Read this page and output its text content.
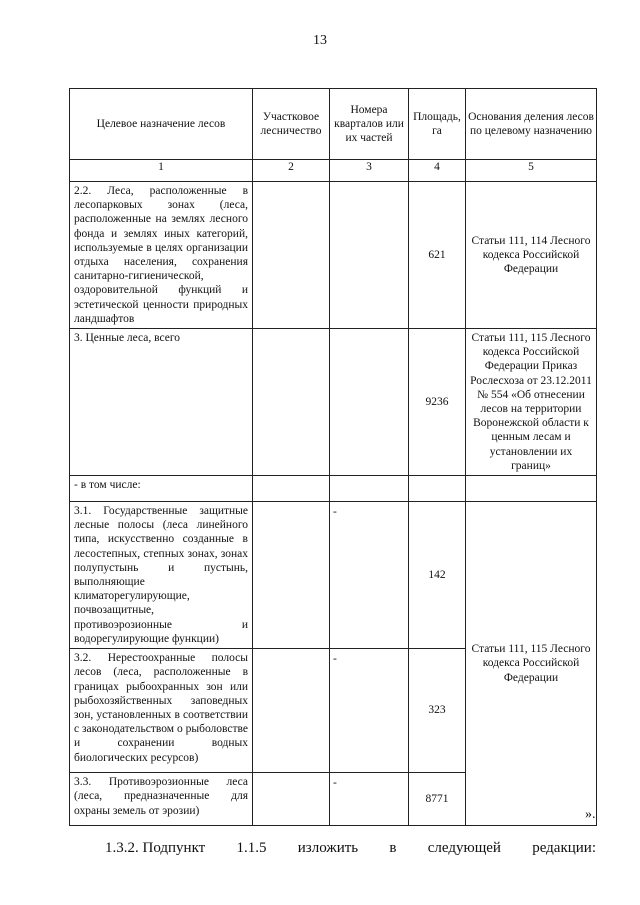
13
Целевое назначение лесов	Участковое лесничество	Номера кварталов или их частей	Площадь, га	Основания деления лесов по целевому назначению
1	2	3	4	5
2.2. Леса, расположенные в лесопарковых зонах (леса, расположенные на землях лесного фонда и землях иных категорий, используемые в целях организации отдыха населения, сохранения санитарно-гигиенической, оздоровительной функций и эстетической ценности природных ландшафтов			621	Статьи 111, 114 Лесного кодекса Российской Федерации
3. Ценные леса, всего			9236	Статьи 111, 115 Лесного кодекса Российской Федерации Приказ Рослесхоза от 23.12.2011 № 554 «Об отнесении лесов на территории Воронежской области к ценным лесам и установлении их границ»
- в том числе:				
3.1. Государственные защитные лесные полосы (леса линейного типа, искусственно созданные в лесостепных, степных зонах, зонах полупустынь и пустынь, выполняющие климаторегулирующие, почвозащитные, противоэрозионные и водорегулирующие функции)		-	142	Статьи 111, 115 Лесного кодекса Российской Федерации
3.2. Нерестоохранные полосы лесов (леса, расположенные в границах рыбоохранных зон или рыбохозяйственных заповедных зон, установленных в соответствии с законодательством о рыболовстве и сохранении водных биологических ресурсов)		-	323	
3.3. Противоэрозионные леса (леса, предназначенные для охраны земель от эрозии)		-	8771	
».
1.3.2. Подпункт 1.1.5 изложить в следующей редакции:
